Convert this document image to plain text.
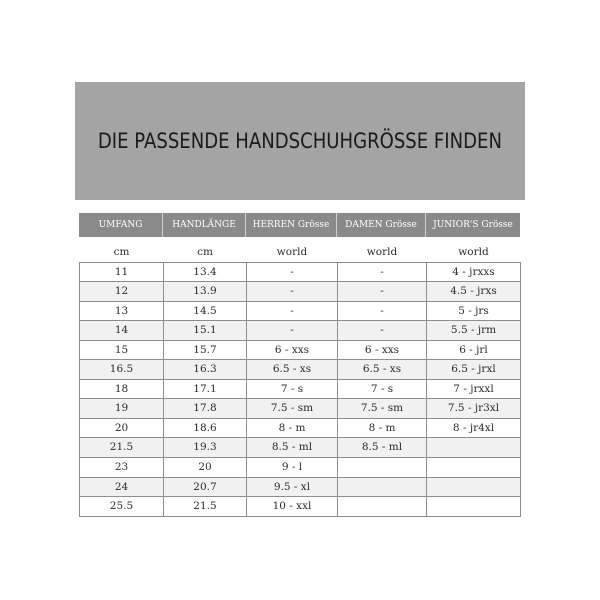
DIE PASSENDE HANDSCHUHGRÖSSE FINDEN
UMFANG	HANDLÄNGE	HERREN Grösse	DAMEN Grösse	JUNIOR'S Grösse
cm	cm	world	world	world
11	13.4	-	-	4 - jrxxs
12	13.9	-	-	4.5 - jrxs
13	14.5	-	-	5 - jrs
14	15.1	-	-	5.5 - jrm
15	15.7	6 - xxs	6 - xxs	6 - jrl
16.5	16.3	6.5 - xs	6.5 - xs	6.5 - jrxl
18	17.1	7 - s	7 - s	7 - jrxxl
19	17.8	7.5 - sm	7.5 - sm	7.5 - jr3xl
20	18.6	8 - m	8 - m	8 - jr4xl
21.5	19.3	8.5 - ml	8.5 - ml	
23	20	9 - l		
24	20.7	9.5 - xl		
25.5	21.5	10 - xxl		
